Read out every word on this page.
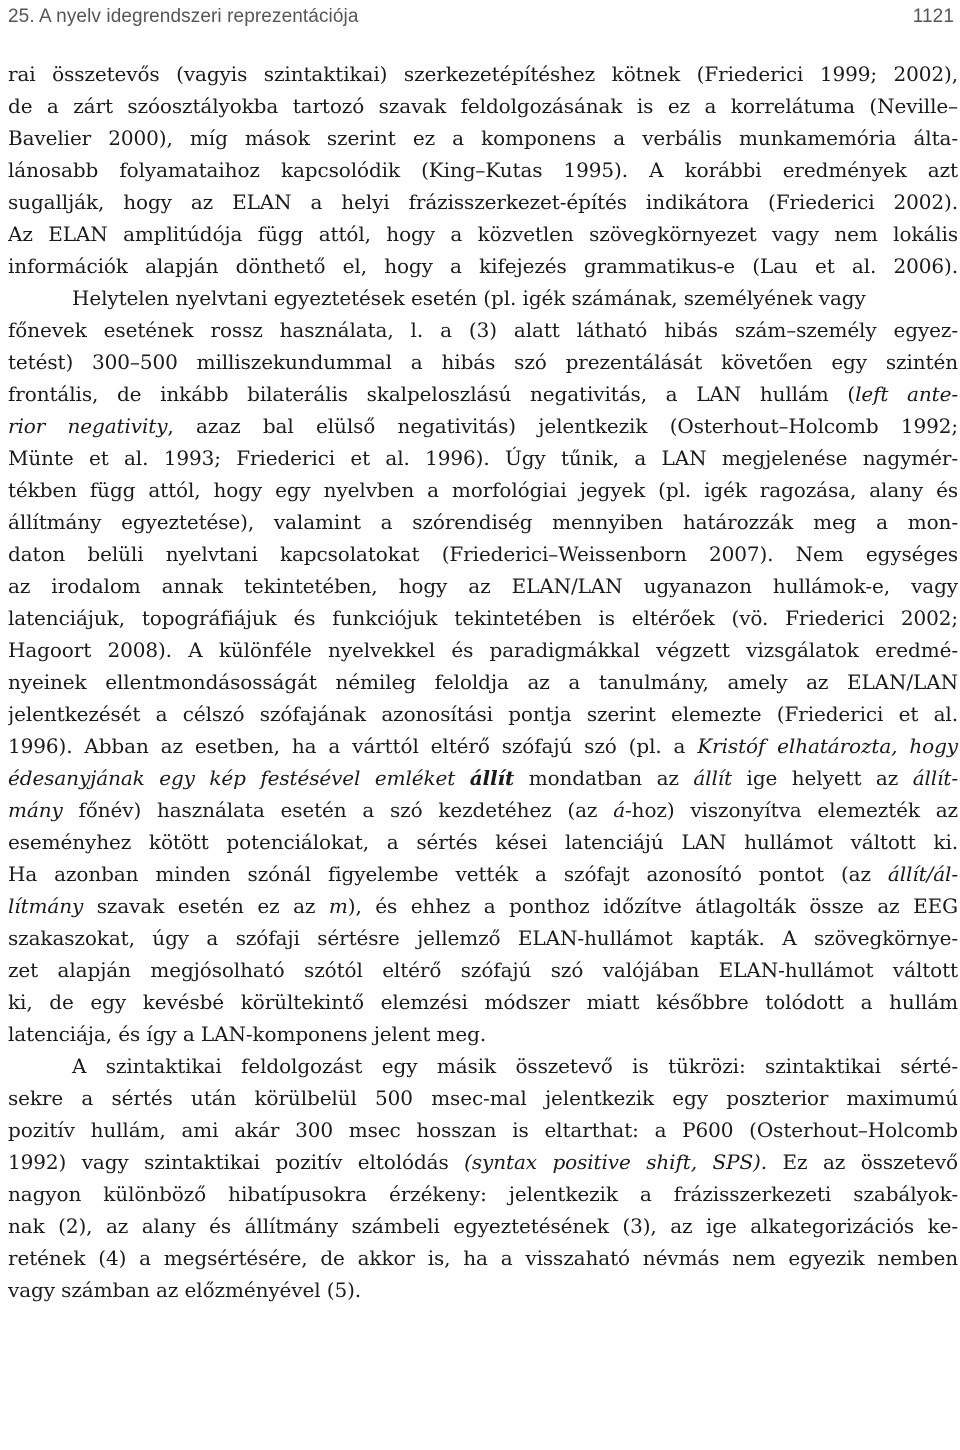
25. A nyelv idegrendszeri reprezentációja	1121
rai összetevős (vagyis szintaktikai) szerkezetépítéshez kötnek (Friederici 1999; 2002),
de a zárt szóosztályokba tartozó szavak feldolgozásának is ez a korrelátuma (Neville–
Bavelier 2000), míg mások szerint ez a komponens a verbális munkamemória álta-
lánosabb folyamataihoz kapcsolódik (King–Kutas 1995). A korábbi eredmények azt
sugallják, hogy az ELAN a helyi frázisszerkezet-építés indikátora (Friederici 2002).
Az ELAN amplitúdója függ attól, hogy a közvetlen szövegkörnyezet vagy nem lokális
információk alapján dönthető el, hogy a kifejezés grammatikus-e (Lau et al. 2006).
Helytelen nyelvtani egyeztetések esetén (pl. igék számának, személyének vagy
főnevek esetének rossz használata, l. a (3) alatt látható hibás szám–személy egyez-
tetést) 300–500 milliszekundummal a hibás szó prezentálását követően egy szintén
frontális, de inkább bilaterális skalpeloszlású negativitás, a LAN hullám (left ante-
rior negativity, azaz bal elülső negativitás) jelentkezik (Osterhout–Holcomb 1992;
Münte et al. 1993; Friederici et al. 1996). Úgy tűnik, a LAN megjelenése nagymér-
tékben függ attól, hogy egy nyelvben a morfológiai jegyek (pl. igék ragozása, alany és
állítmány egyeztetése), valamint a szórendiség mennyiben határozzák meg a mon-
daton belüli nyelvtani kapcsolatokat (Friederici–Weissenborn 2007). Nem egységes
az irodalom annak tekintetében, hogy az ELAN/LAN ugyanazon hullámok-e, vagy
latenciájuk, topográfiájuk és funkciójuk tekintetében is eltérőek (vö. Friederici 2002;
Hagoort 2008). A különféle nyelvekkel és paradigmákkal végzett vizsgálatok eredmé-
nyeinek ellentmondásosságát némileg feloldja az a tanulmány, amely az ELAN/LAN
jelentkezését a célszó szófajának azonosítási pontja szerint elemezte (Friederici et al.
1996). Abban az esetben, ha a várttól eltérő szófajú szó (pl. a Kristóf elhatározta, hogy
édesanyjának egy kép festésével emléket állít mondatban az állít ige helyett az állít-
mány főnév) használata esetén a szó kezdetéhez (az á-hoz) viszonyítva elemezték az
eseményhez kötött potenciálokat, a sértés kései latenciájú LAN hullámot váltott ki.
Ha azonban minden szónál figyelembe vették a szófajt azonosító pontot (az állít/ál-
lítmány szavak esetén ez az m), és ehhez a ponthoz időzítve átlagolták össze az EEG
szakaszokat, úgy a szófaji sértésre jellemző ELAN-hullámot kapták. A szövegkörnye-
zet alapján megjósolható szótól eltérő szófajú szó valójában ELAN-hullámot váltott
ki, de egy kevésbé körültekintő elemzési módszer miatt későbbre tolódott a hullám
latenciája, és így a LAN-komponens jelent meg.
A szintaktikai feldolgozást egy másik összetevő is tükrözi: szintaktikai sérté-
sekre a sértés után körülbelül 500 msec-mal jelentkezik egy poszterior maximumú
pozitív hullám, ami akár 300 msec hosszan is eltarthat: a P600 (Osterhout–Holcomb
1992) vagy szintaktikai pozitív eltolódás (syntax positive shift, SPS). Ez az összetevő
nagyon különböző hibatípusokra érzékeny: jelentkezik a frázisszerkezeti szabályok-
nak (2), az alany és állítmány számbeli egyeztetésének (3), az ige alkategorizációs ke-
retének (4) a megsértésére, de akkor is, ha a visszaható névmás nem egyezik nemben
vagy számban az előzményével (5).
